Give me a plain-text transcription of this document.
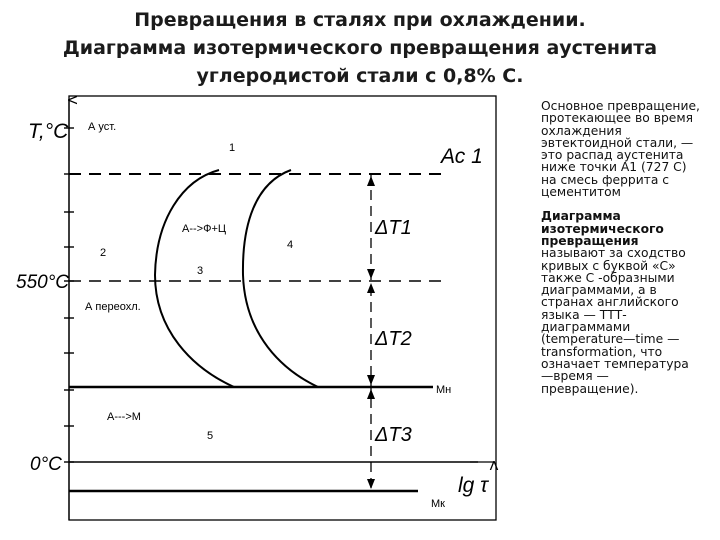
Превращения в сталях при охлаждении.
Диаграмма изотермического превращения аустенита
углеродистой стали с 0,8% С.
T,°C
lg τ
550°C
0°C
А уст.
А-->Ф+Ц
А переохл.
А--->М
1
2
3
4
5
Ас 1
Мн
Мк
ΔT1
ΔT2
ΔT3

Основное превращение, протекающее во время охлаждения эвтектоидной стали, — это распад аустенита ниже точки А1 (727 С) на смесь феррита с цементитом

Диаграмма изотермического превращения называют за сходство кривых с буквой «С» также С -образными диаграммами, а в странах английского языка — ТТТ-диаграммами (temperature—time —transformation, что означает температура—время —превращение).
